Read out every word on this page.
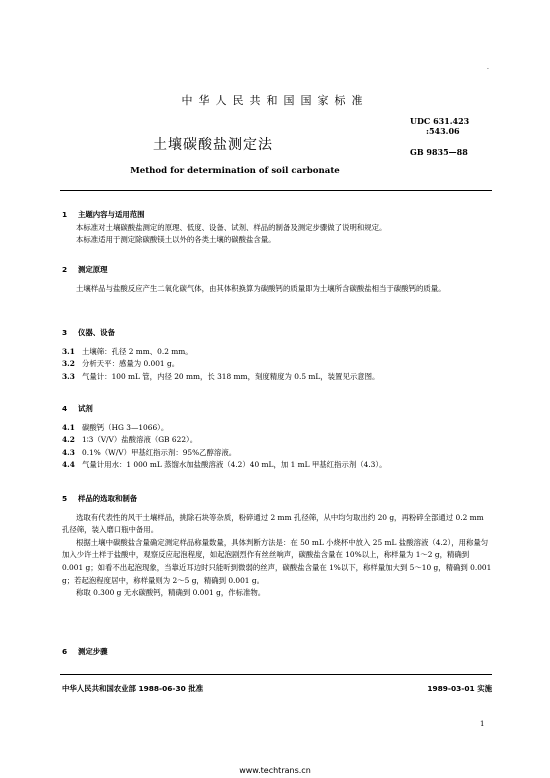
.
中华人民共和国国家标准
UDC 631.423
:543.06
土壤碳酸盐测定法	GB 9835—88
Method for determination of soil carbonate
1 主题内容与适用范围
本标准对土壤碳酸盐测定的原理、低度、设备、试剂、样品的制备及测定步骤做了说明和规定。
本标准适用于测定除碳酸镁土以外的各类土壤的碳酸盐含量。
2 测定原理
土壤样品与盐酸反应产生二氧化碳气体，由其体积换算为碳酸钙的质量即为土壤所含碳酸盐相当于碳酸钙的质量。
3 仪器、设备
3.1 土壤筛：孔径 2 mm、0.2 mm。
3.2 分析天平：感量为 0.001 g。
3.3 气量计：100 mL 管，内径 20 mm，长 318 mm，刻度精度为 0.5 mL，装置见示意图。
4 试剂
4.1 碳酸钙（HG 3—1066）。
4.2 1∶3（V/V）盐酸溶液（GB 622）。
4.3 0.1%（W/V）甲基红指示剂：95%乙醇溶液。
4.4 气量计用水：1 000 mL 蒸馏水加盐酸溶液（4.2）40 mL，加 1 mL 甲基红指示剂（4.3）。
5 样品的选取和制备
选取有代表性的风干土壤样品，挑除石块等杂质，粉碎通过 2 mm 孔径筛，从中均匀取出约 20 g，再粉碎全部通过 0.2 mm 孔径筛，装入磨口瓶中备用。
根据土壤中碳酸盐含量确定测定样品称量数量，具体判断方法是：在 50 mL 小烧杯中放入 25 mL 盐酸溶液（4.2），用称量匀加入少许土样于盐酸中，观察反应起泡程度，如起泡剧烈作有丝丝响声，碳酸盐含量在 10%以上，称样量为 1～2 g，精确到 0.001 g；如看不出起泡现象，当靠近耳边时只能听到微弱的丝声，碳酸盐含量在 1%以下，称样量加大到 5～10 g，精确到 0.001 g；若起泡程度居中，称样量则为 2～5 g，精确到 0.001 g。
称取 0.300 g 无水碳酸钙，精确到 0.001 g，作标准物。
6 测定步骤
中华人民共和国农业部 1988-06-30 批准	1989-03-01 实施
1
www.techtrans.cn
